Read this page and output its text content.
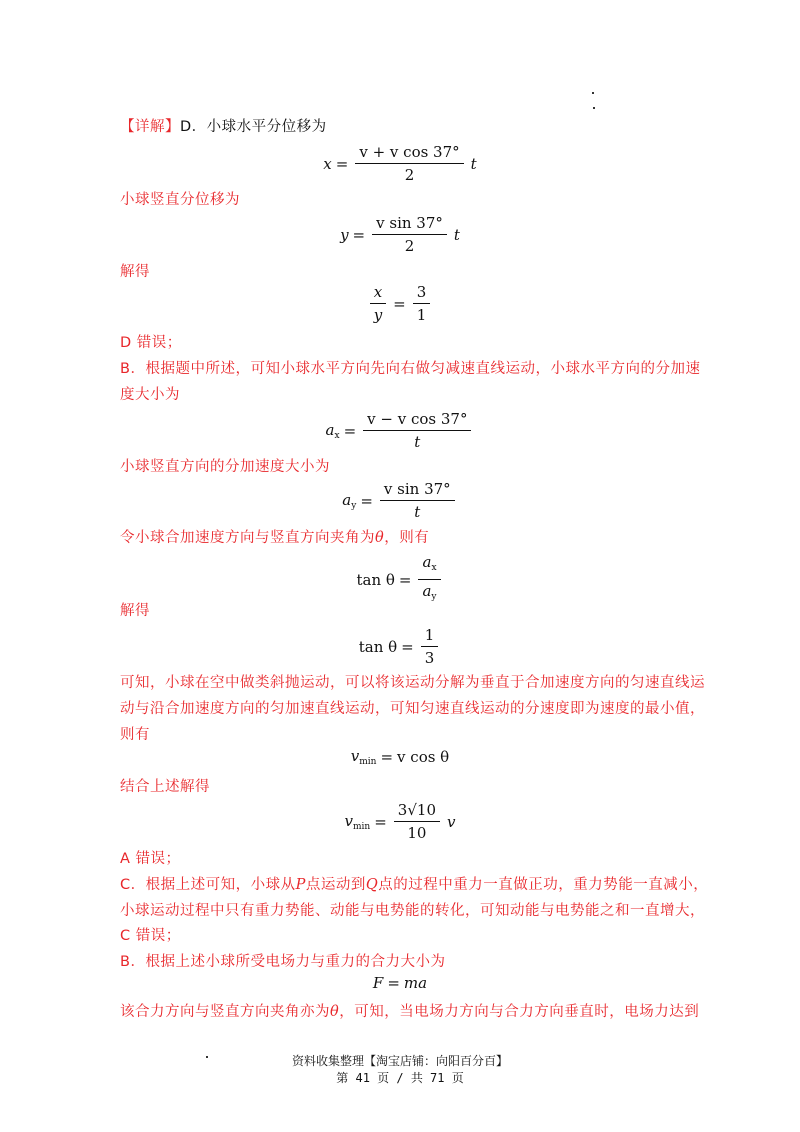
【详解】D．小球水平分位移为
$x = \frac{\text{v + v cos 37°}}{2}$ t
小球竖直分位移为
$y = \frac{\text{v sin 37°}}{2}$ t
解得
$\frac{x}{y} = \frac{3}{1}$
D 错误；
B．根据题中所述，可知小球水平方向先向右做匀减速直线运动，小球水平方向的分加速
度大小为
$a_x = \frac{\text{v − v cos 37°}}{t}$
小球竖直方向的分加速度大小为
$a_y = \frac{\text{v sin 37°}}{t}$
令小球合加速度方向与竖直方向夹角为θ，则有
$\tan \theta = \frac{a_x}{a_y}$
解得
$\tan \theta = \frac{1}{3}$
可知，小球在空中做类斜抛运动，可以将该运动分解为垂直于合加速度方向的匀速直线运
动与沿合加速度方向的匀加速直线运动，可知匀速直线运动的分速度即为速度的最小值，
则有
$v_{min} = v$ cos θ
结合上述解得
$v_{min} = \frac{3√10}{10}$ v
A 错误；
C．根据上述可知，小球从P点运动到Q点的过程中重力一直做正功，重力势能一直减小，
小球运动过程中只有重力势能、动能与电势能的转化，可知动能与电势能之和一直增大，
C 错误；
B．根据上述小球所受电场力与重力的合力大小为
F = ma
该合力方向与竖直方向夹角亦为θ，可知，当电场力方向与合力方向垂直时，电场力达到
资料收集整理【淘宝店铺：向阳百分百】
第 41 页 / 共 71 页
